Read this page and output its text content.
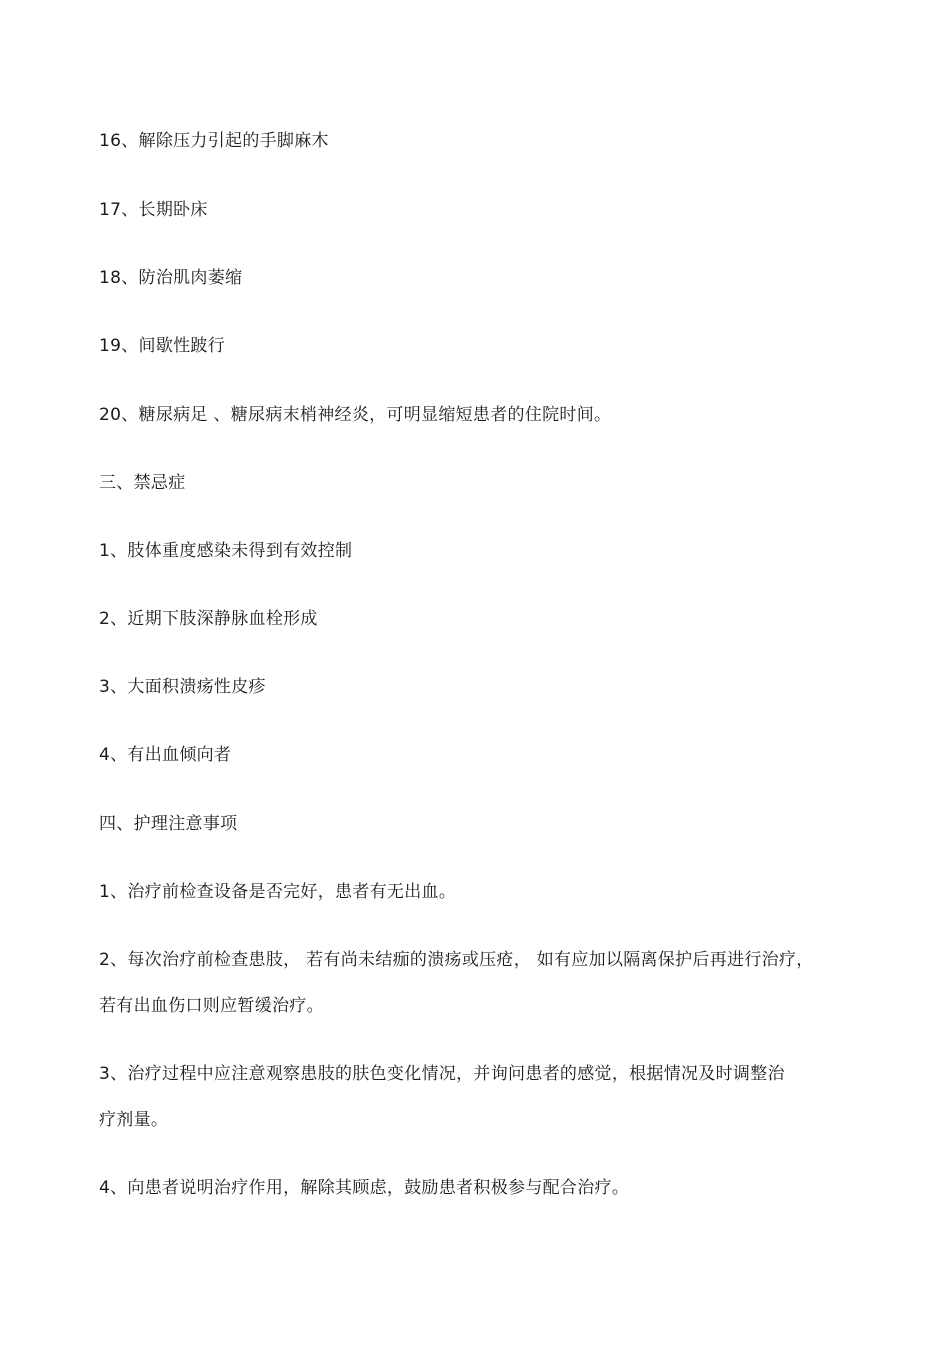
16、解除压力引起的手脚麻木
17、长期卧床
18、防治肌肉萎缩
19、间歇性跛行
20、糖尿病足 、糖尿病末梢神经炎，可明显缩短患者的住院时间。
三、禁忌症
1、肢体重度感染未得到有效控制
2、近期下肢深静脉血栓形成
3、大面积溃疡性皮疹
4、有出血倾向者
四、护理注意事项
1、治疗前检查设备是否完好，患者有无出血。
2、每次治疗前检查患肢， 若有尚未结痂的溃疡或压疮， 如有应加以隔离保护后再进行治疗，
若有出血伤口则应暂缓治疗。
3、治疗过程中应注意观察患肢的肤色变化情况，并询问患者的感觉，根据情况及时调整治
疗剂量。
4、向患者说明治疗作用，解除其顾虑，鼓励患者积极参与配合治疗。
